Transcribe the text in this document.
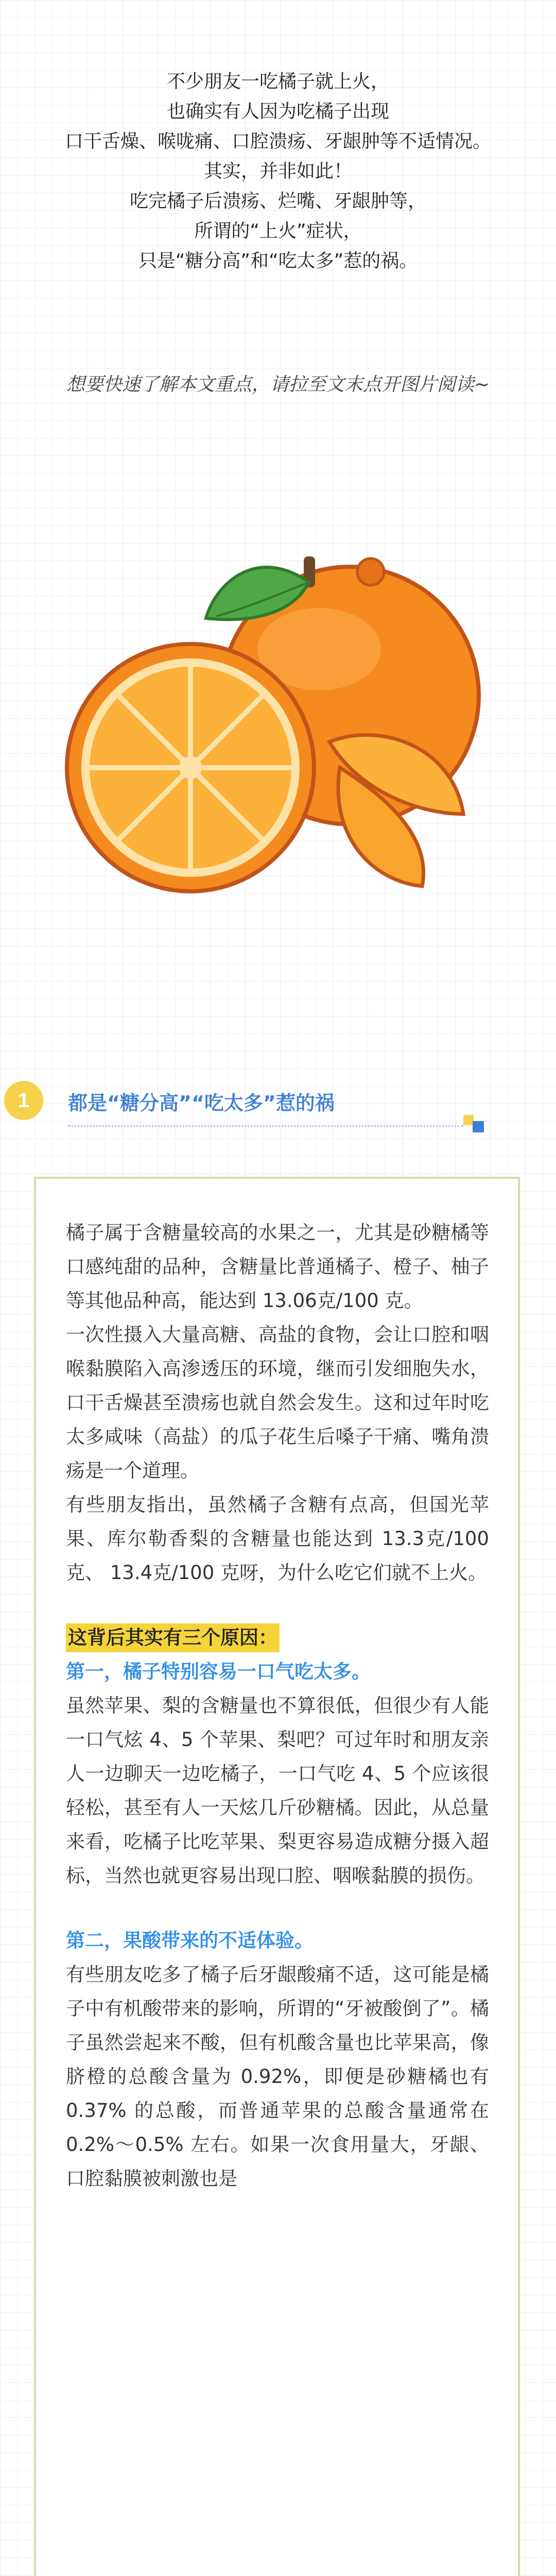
不少朋友一吃橘子就上火，

也确实有人因为吃橘子出现

口干舌燥、喉咙痛、口腔溃疡、牙龈肿等不适情况。

其实，并非如此！

吃完橘子后溃疡、烂嘴、牙龈肿等，

所谓的“上火”症状，

只是“糖分高”和“吃太多”惹的祸。

想要快速了解本文重点，请拉至文末点开图片阅读~
1	都是“糖分高”“吃太多”惹的祸

橘子属于含糖量较高的水果之一，尤其是砂糖橘等口感纯甜的品种，含糖量比普通橘子、橙子、柚子等其他品种高，能达到 13.06克/100 克。

一次性摄入大量高糖、高盐的食物，会让口腔和咽喉黏膜陷入高渗透压的环境，继而引发细胞失水，口干舌燥甚至溃疡也就自然会发生。这和过年时吃太多咸味（高盐）的瓜子花生后嗓子干痛、嘴角溃疡是一个道理。

有些朋友指出，虽然橘子含糖有点高，但国光苹果、库尔勒香梨的含糖量也能达到 13.3克/100 克、 13.4克/100 克呀，为什么吃它们就不上火。

这背后其实有三个原因：

第一，橘子特别容易一口气吃太多。

虽然苹果、梨的含糖量也不算很低，但很少有人能一口气炫 4、5 个苹果、梨吧？可过年时和朋友亲人一边聊天一边吃橘子，一口气吃 4、5 个应该很轻松，甚至有人一天炫几斤砂糖橘。因此，从总量来看，吃橘子比吃苹果、梨更容易造成糖分摄入超标，当然也就更容易出现口腔、咽喉黏膜的损伤。

第二，果酸带来的不适体验。

有些朋友吃多了橘子后牙龈酸痛不适，这可能是橘子中有机酸带来的影响，所谓的“牙被酸倒了”。橘子虽然尝起来不酸，但有机酸含量也比苹果高，像脐橙的总酸含量为 0.92%，即便是砂糖橘也有 0.37% 的总酸，而普通苹果的总酸含量通常在 0.2%～0.5% 左右。如果一次食用量大，牙龈、口腔黏膜被刺激也是
